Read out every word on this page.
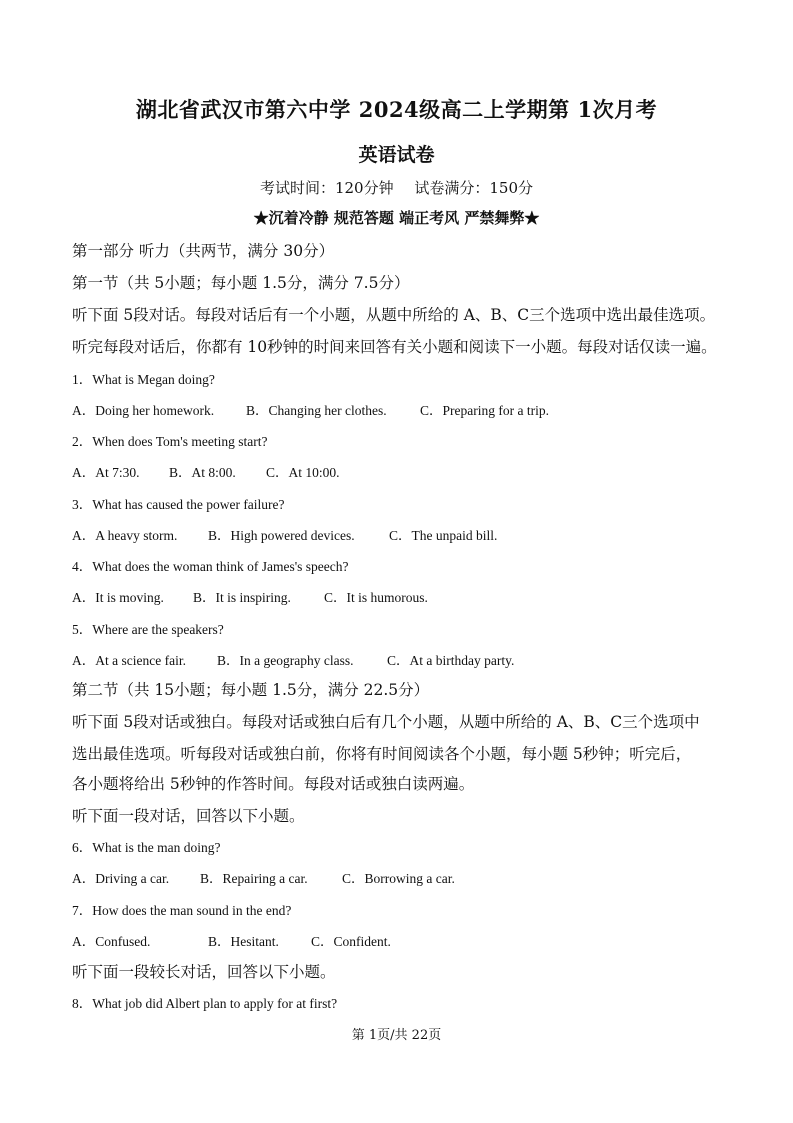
湖北省武汉市第六中学 2024级高二上学期第 1次月考
英语试卷
考试时间：120分钟 试卷满分：150分
★沉着冷静 规范答题 端正考风 严禁舞弊★
第一部分 听力（共两节，满分 30分）
第一节（共 5小题；每小题 1.5分，满分 7.5分）
听下面 5段对话。每段对话后有一个小题，从题中所给的 A、B、C三个选项中选出最佳选项。
听完每段对话后，你都有 10秒钟的时间来回答有关小题和阅读下一小题。每段对话仅读一遍。
1．What is Megan doing?
A．Doing her homework. B．Changing her clothes. C．Preparing for a trip.
2．When does Tom's meeting start?
A．At 7:30. B．At 8:00. C．At 10:00.
3．What has caused the power failure?
A．A heavy storm. B．High powered devices.	C．The unpaid bill.
4．What does the woman think of James's speech?
A．It is moving. B．It is inspiring. C．It is humorous.
5．Where are the speakers?
A．At a science fair. B．In a geography class. C．At a birthday party.
第二节（共 15小题；每小题 1.5分，满分 22.5分）
听下面 5段对话或独白。每段对话或独白后有几个小题，从题中所给的 A、B、C三个选项中
选出最佳选项。听每段对话或独白前，你将有时间阅读各个小题，每小题 5秒钟；听完后，
各小题将给出 5秒钟的作答时间。每段对话或独白读两遍。
听下面一段对话，回答以下小题。
6．What is the man doing?
A．Driving a car. B．Repairing a car.	C．Borrowing a car.
7．How does the man sound in the end?
A．Confused.	B．Hesitant. C．Confident.
听下面一段较长对话，回答以下小题。
8．What job did Albert plan to apply for at first?
第 1页/共 22页
